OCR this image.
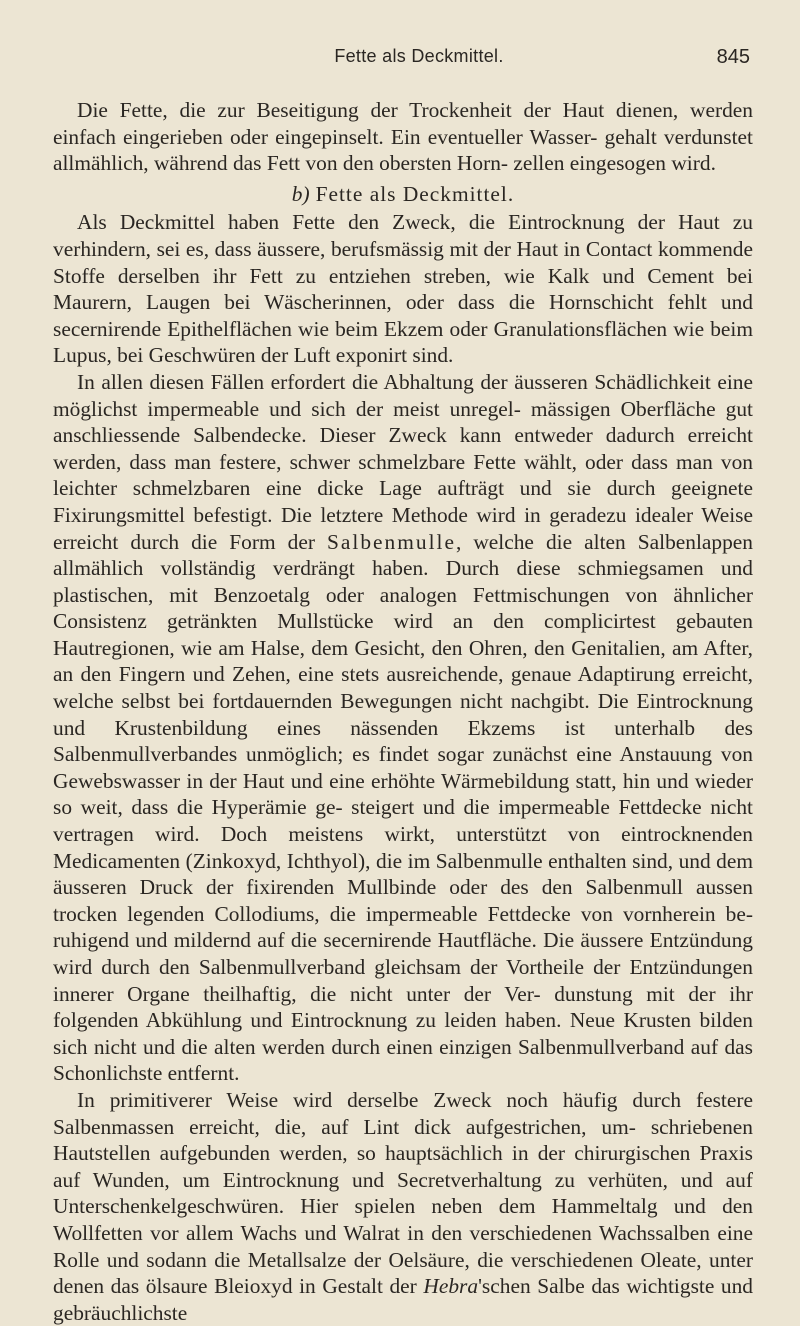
Fette als Deckmittel.	845

Die Fette, die zur Beseitigung der Trockenheit der Haut dienen, werden einfach eingerieben oder eingepinselt. Ein eventueller Wasser- gehalt verdunstet allmählich, während das Fett von den obersten Horn- zellen eingesogen wird.

b) Fette als Deckmittel.

Als Deckmittel haben Fette den Zweck, die Eintrocknung der Haut zu verhindern, sei es, dass äussere, berufsmässig mit der Haut in Contact kommende Stoffe derselben ihr Fett zu entziehen streben, wie Kalk und Cement bei Maurern, Laugen bei Wäscherinnen, oder dass die Hornschicht fehlt und secernirende Epithelflächen wie beim Ekzem oder Granulationsflächen wie beim Lupus, bei Geschwüren der Luft exponirt sind.

In allen diesen Fällen erfordert die Abhaltung der äusseren Schädlichkeit eine möglichst impermeable und sich der meist unregel- mässigen Oberfläche gut anschliessende Salbendecke. Dieser Zweck kann entweder dadurch erreicht werden, dass man festere, schwer schmelzbare Fette wählt, oder dass man von leichter schmelzbaren eine dicke Lage aufträgt und sie durch geeignete Fixirungsmittel befestigt. Die letztere Methode wird in geradezu idealer Weise erreicht durch die Form der Salbenmulle, welche die alten Salbenlappen allmählich vollständig verdrängt haben. Durch diese schmiegsamen und plastischen, mit Benzoetalg oder analogen Fettmischungen von ähnlicher Consistenz getränkten Mullstücke wird an den complicirtest gebauten Hautregionen, wie am Halse, dem Gesicht, den Ohren, den Genitalien, am After, an den Fingern und Zehen, eine stets ausreichende, genaue Adaptirung erreicht, welche selbst bei fortdauernden Bewegungen nicht nachgibt. Die Eintrocknung und Krustenbildung eines nässenden Ekzems ist unterhalb des Salbenmullverbandes unmöglich; es findet sogar zunächst eine Anstauung von Gewebswasser in der Haut und eine erhöhte Wärmebildung statt, hin und wieder so weit, dass die Hyperämie ge- steigert und die impermeable Fettdecke nicht vertragen wird. Doch meistens wirkt, unterstützt von eintrocknenden Medicamenten (Zinkoxyd, Ichthyol), die im Salbenmulle enthalten sind, und dem äusseren Druck der fixirenden Mullbinde oder des den Salbenmull aussen trocken legenden Collodiums, die impermeable Fettdecke von vornherein be- ruhigend und mildernd auf die secernirende Hautfläche. Die äussere Entzündung wird durch den Salbenmullverband gleichsam der Vortheile der Entzündungen innerer Organe theilhaftig, die nicht unter der Ver- dunstung mit der ihr folgenden Abkühlung und Eintrocknung zu leiden haben. Neue Krusten bilden sich nicht und die alten werden durch einen einzigen Salbenmullverband auf das Schonlichste entfernt.

In primitiverer Weise wird derselbe Zweck noch häufig durch festere Salbenmassen erreicht, die, auf Lint dick aufgestrichen, um- schriebenen Hautstellen aufgebunden werden, so hauptsächlich in der chirurgischen Praxis auf Wunden, um Eintrocknung und Secretverhaltung zu verhüten, und auf Unterschenkelgeschwüren. Hier spielen neben dem Hammeltalg und den Wollfetten vor allem Wachs und Walrat in den verschiedenen Wachssalben eine Rolle und sodann die Metallsalze der Oelsäure, die verschiedenen Oleate, unter denen das ölsaure Bleioxyd in Gestalt der Hebra'schen Salbe das wichtigste und gebräuchlichste
